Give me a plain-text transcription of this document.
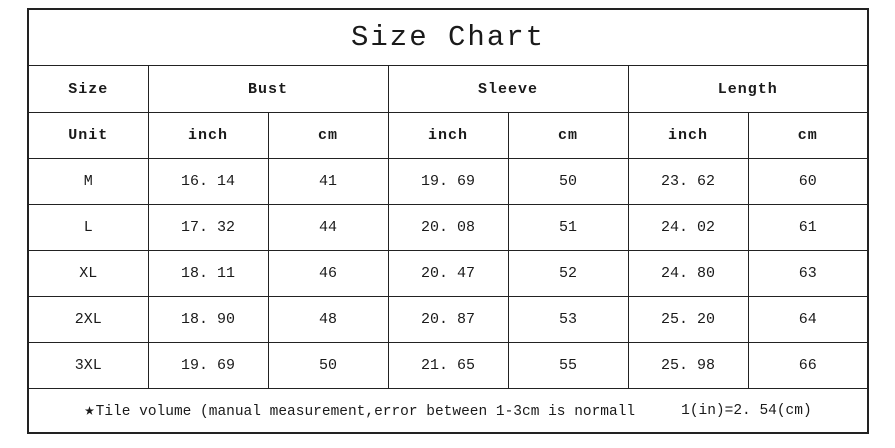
Size Chart						
Size	Bust		Sleeve		Length	
Unit	inch	cm	inch	cm	inch	cm
M	16. 14	41	19. 69	50	23. 62	60
L	17. 32	44	20. 08	51	24. 02	61
XL	18. 11	46	20. 47	52	24. 80	63
2XL	18. 90	48	20. 87	53	25. 20	64
3XL	19. 69	50	21. 65	55	25. 98	66

★Tile volume (manual measurement,error between 1-3cm is normall 1(in)=2. 54(cm)						
